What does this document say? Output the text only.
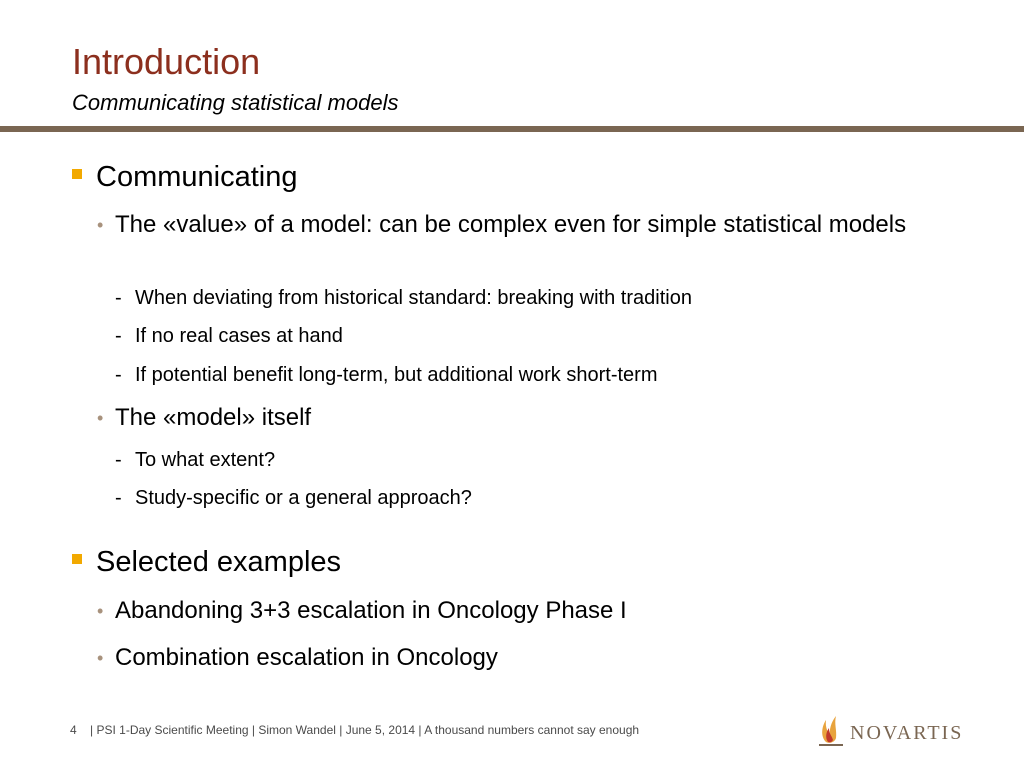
Introduction
Communicating statistical models
Communicating
• The «value» of a model: can be complex even for simple statistical models
- When deviating from historical standard: breaking with tradition
- If no real cases at hand
- If potential benefit long-term, but additional work short-term
• The «model» itself
- To what extent?
- Study-specific or a general approach?
Selected examples
• Abandoning 3+3 escalation in Oncology Phase I
• Combination escalation in Oncology
4 | PSI 1-Day Scientific Meeting | Simon Wandel | June 5, 2014 | A thousand numbers cannot say enough	NOVARTIS
